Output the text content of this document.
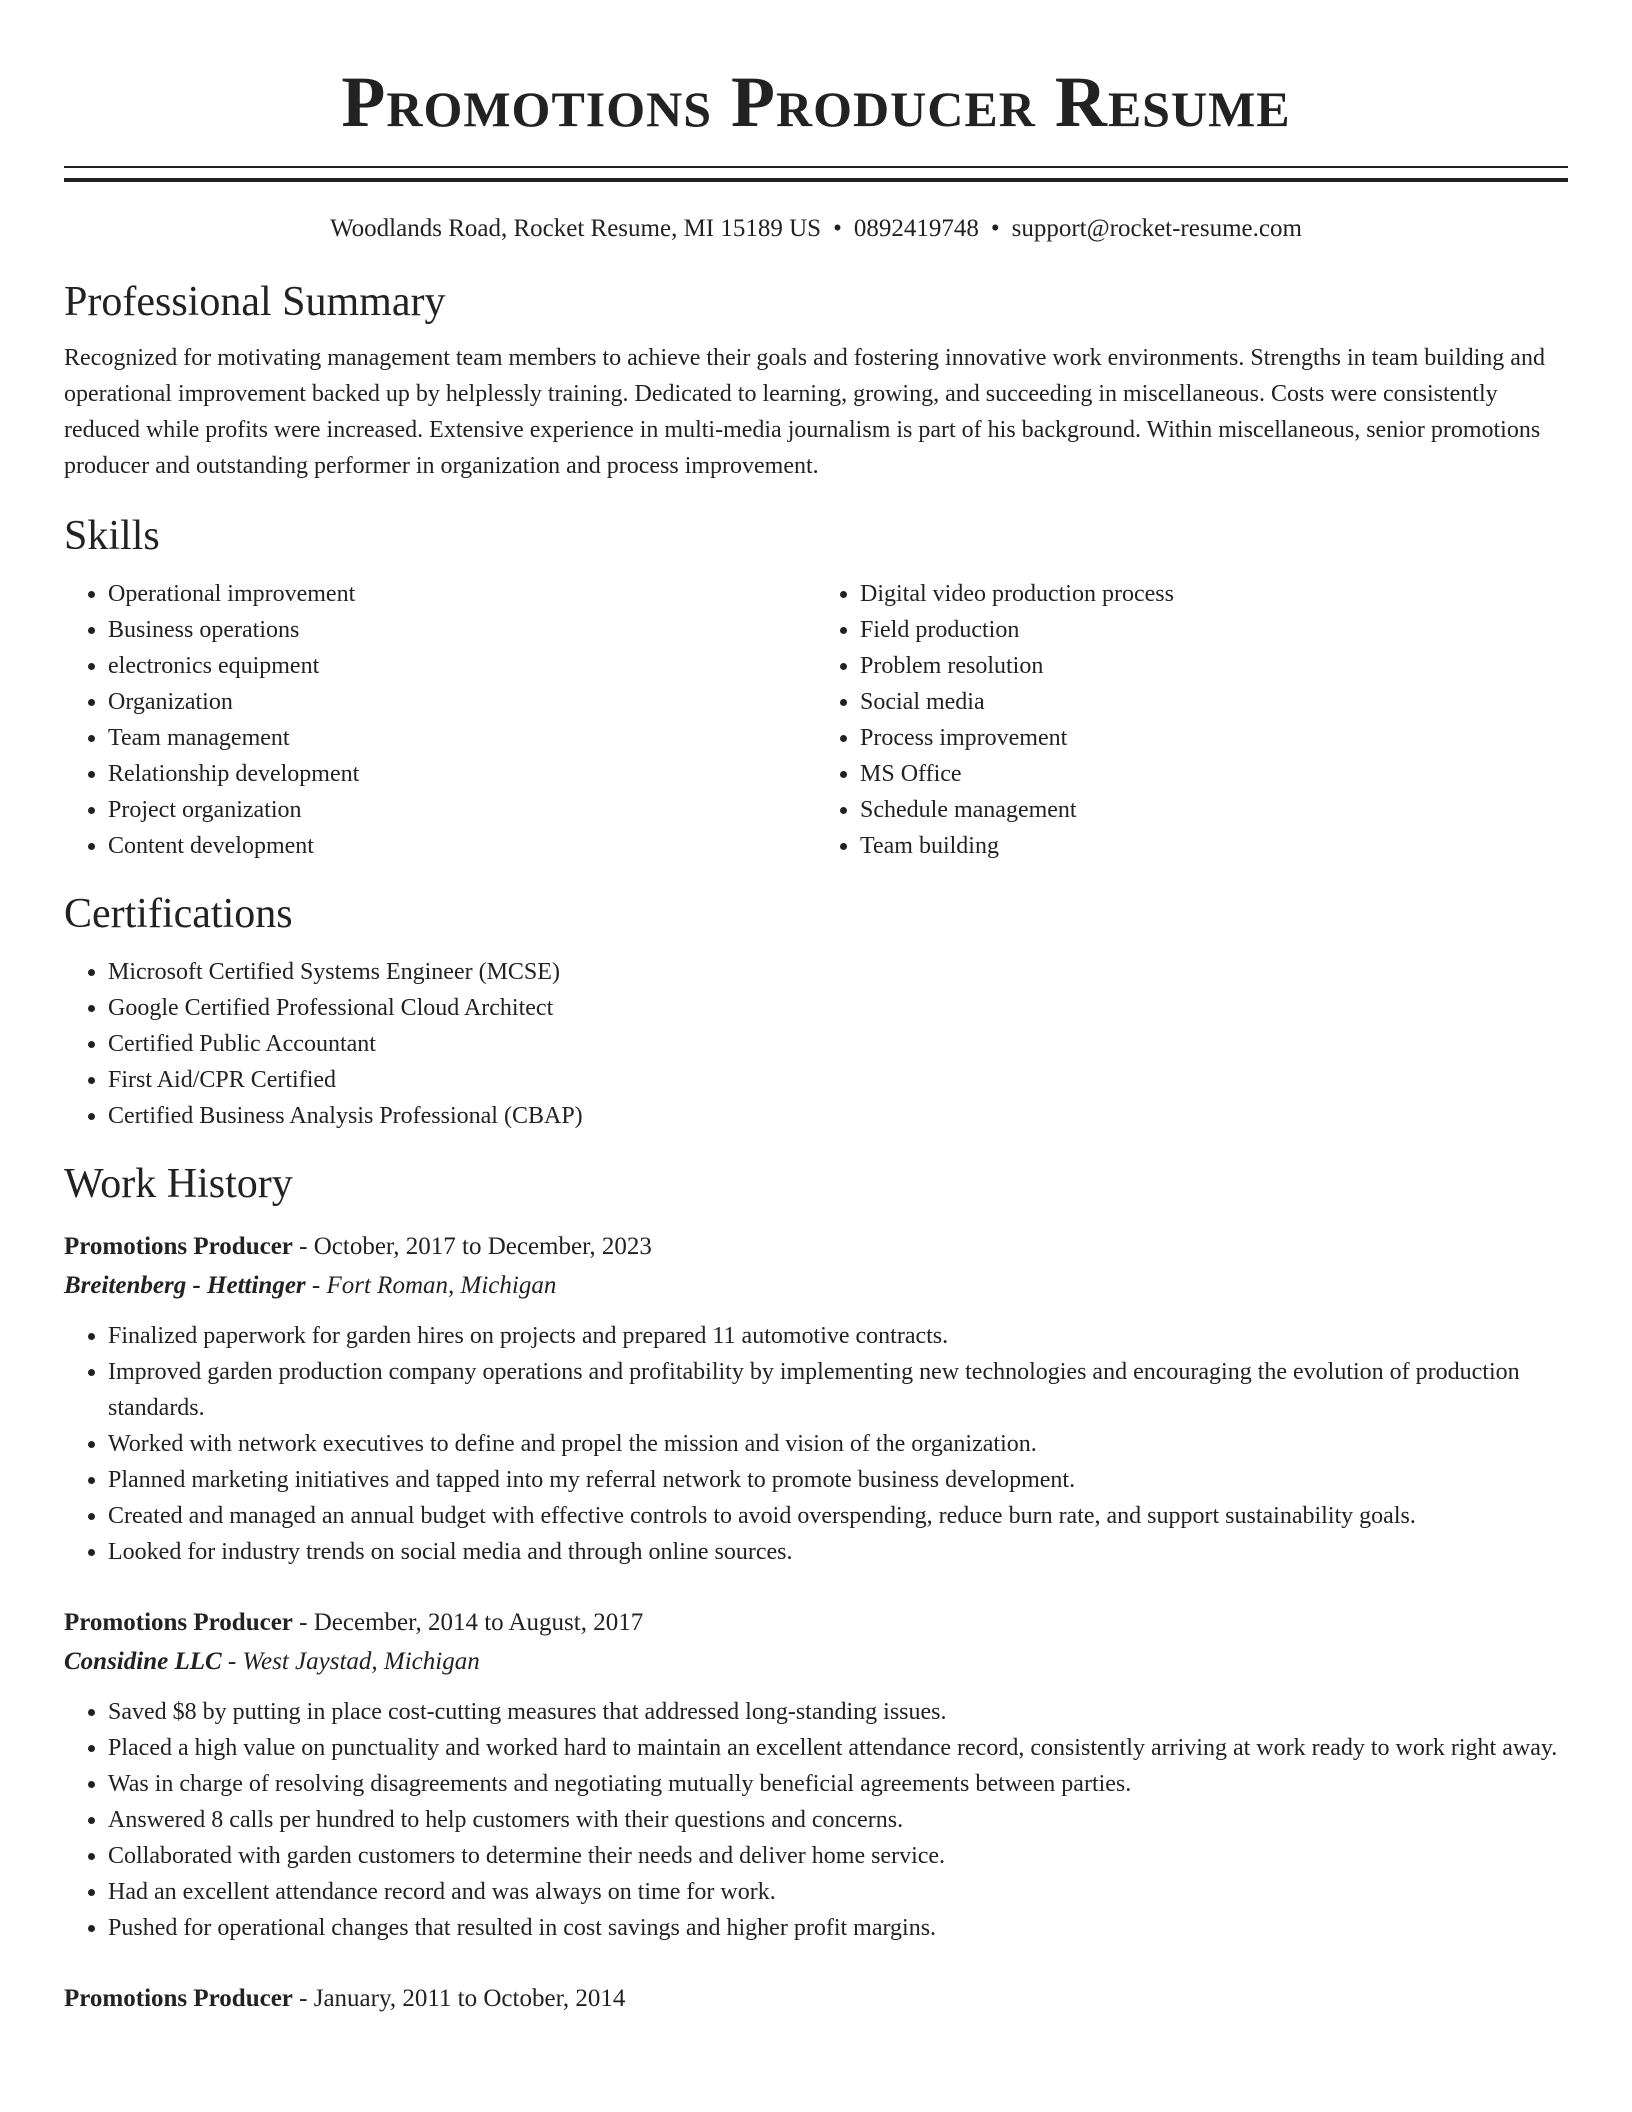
Promotions Producer Resume
Woodlands Road, Rocket Resume, MI 15189 US • 0892419748 • support@rocket-resume.com
Professional Summary

Recognized for motivating management team members to achieve their goals and fostering innovative work environments. Strengths in team building and operational improvement backed up by helplessly training. Dedicated to learning, growing, and succeeding in miscellaneous. Costs were consistently reduced while profits were increased. Extensive experience in multi-media journalism is part of his background. Within miscellaneous, senior promotions producer and outstanding performer in organization and process improvement.

Skills
• Operational improvement
• Business operations
• electronics equipment
• Organization
• Team management
• Relationship development
• Project organization
• Content development
• Digital video production process
• Field production
• Problem resolution
• Social media
• Process improvement
• MS Office
• Schedule management
• Team building
Certifications
• Microsoft Certified Systems Engineer (MCSE)
• Google Certified Professional Cloud Architect
• Certified Public Accountant
• First Aid/CPR Certified
• Certified Business Analysis Professional (CBAP)
Work History
Promotions Producer - October, 2017 to December, 2023
Breitenberg - Hettinger - Fort Roman, Michigan
• Finalized paperwork for garden hires on projects and prepared 11 automotive contracts.
• Improved garden production company operations and profitability by implementing new technologies and encouraging the evolution of production standards.
• Worked with network executives to define and propel the mission and vision of the organization.
• Planned marketing initiatives and tapped into my referral network to promote business development.
• Created and managed an annual budget with effective controls to avoid overspending, reduce burn rate, and support sustainability goals.
• Looked for industry trends on social media and through online sources.
Promotions Producer - December, 2014 to August, 2017
Considine LLC - West Jaystad, Michigan
• Saved $8 by putting in place cost-cutting measures that addressed long-standing issues.
• Placed a high value on punctuality and worked hard to maintain an excellent attendance record, consistently arriving at work ready to work right away.
• Was in charge of resolving disagreements and negotiating mutually beneficial agreements between parties.
• Answered 8 calls per hundred to help customers with their questions and concerns.
• Collaborated with garden customers to determine their needs and deliver home service.
• Had an excellent attendance record and was always on time for work.
• Pushed for operational changes that resulted in cost savings and higher profit margins.
Promotions Producer - January, 2011 to October, 2014
